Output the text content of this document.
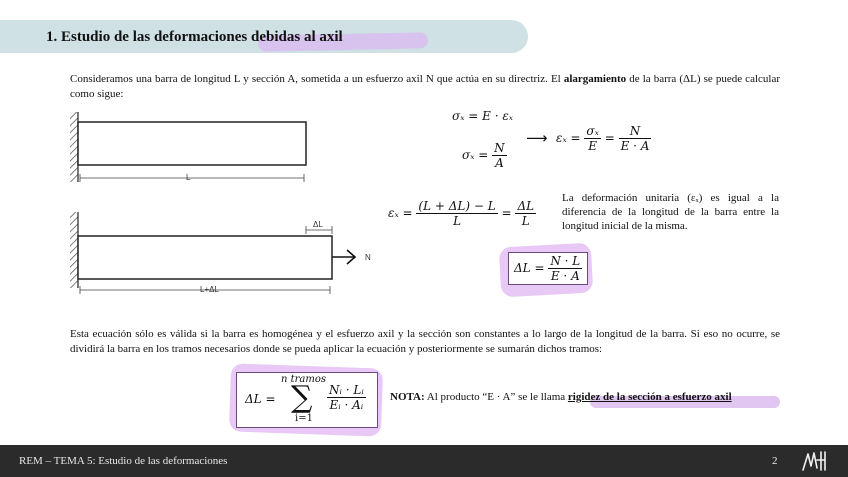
1. Estudio de las deformaciones debidas al axil
Consideramos una barra de longitud L y sección A, sometida a un esfuerzo axil N que actúa en su directriz. El alargamiento de la barra (ΔL) se puede calcular como sigue:
L
ΔL
N
L+ΔL
σₓ = E · εₓ
$\sigma_x = \frac{N}{A}$
⟶ $\varepsilon_x = \frac{\text{σₓ}}{E} = \frac{N}{E \cdot A}$
$\varepsilon_x = \frac{(L + \Delta L) - L}{L} = \frac{\Delta L}{L}$
La deformación unitaria (εₓ) es igual a la diferencia de la longitud de la barra entre la longitud inicial de la misma.
$\Delta L = \frac{N \cdot L}{E \cdot A}$
Esta ecuación sólo es válida si la barra es homogénea y el esfuerzo axil y la sección son constantes a lo largo de la longitud de la barra. Si eso no ocurre, se dividirá la barra en los tramos necesarios donde se pueda aplicar la ecuación y posteriormente se sumarán dichos tramos:
ΔL =
n tramos
∑
i=1
$\frac{\text{Nᵢ · Lᵢ}}{\text{Eᵢ · Aᵢ}}$ NOTA: Al producto “E · A” se le llama rigidez de la sección a esfuerzo axil
REM – TEMA 5: Estudio de las deformaciones	2
